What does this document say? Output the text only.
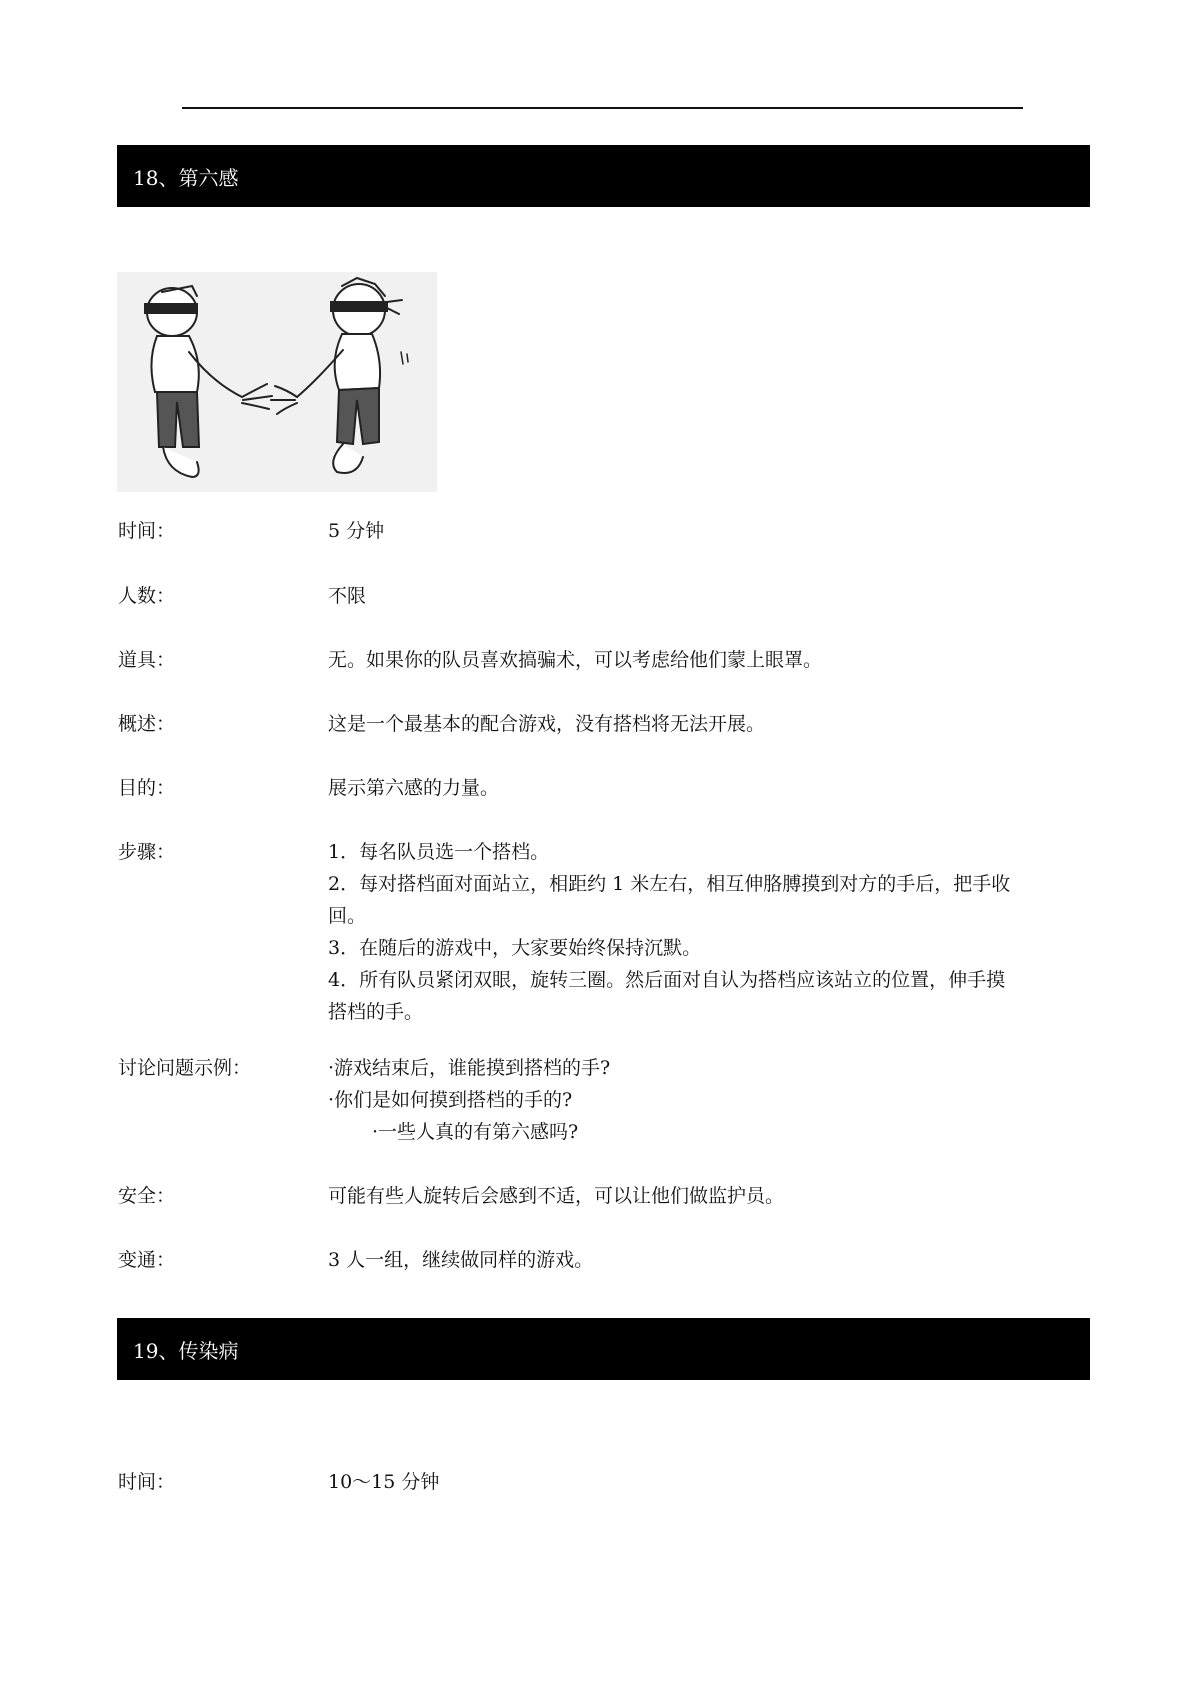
18、第六感
时间：	5 分钟
人数：	不限
道具：	无。如果你的队员喜欢搞骗术，可以考虑给他们蒙上眼罩。
概述：	这是一个最基本的配合游戏，没有搭档将无法开展。
目的：	展示第六感的力量。
步骤：	1．每名队员选一个搭档。
2．每对搭档面对面站立，相距约 1 米左右，相互伸胳膊摸到对方的手后，把手收
回。
3．在随后的游戏中，大家要始终保持沉默。
4．所有队员紧闭双眼，旋转三圈。然后面对自认为搭档应该站立的位置，伸手摸
搭档的手。
讨论问题示例：	·游戏结束后，谁能摸到搭档的手?
·你们是如何摸到搭档的手的?
·一些人真的有第六感吗?
安全：	可能有些人旋转后会感到不适，可以让他们做监护员。
变通：	3 人一组，继续做同样的游戏。
19、传染病
时间：	10～15 分钟
